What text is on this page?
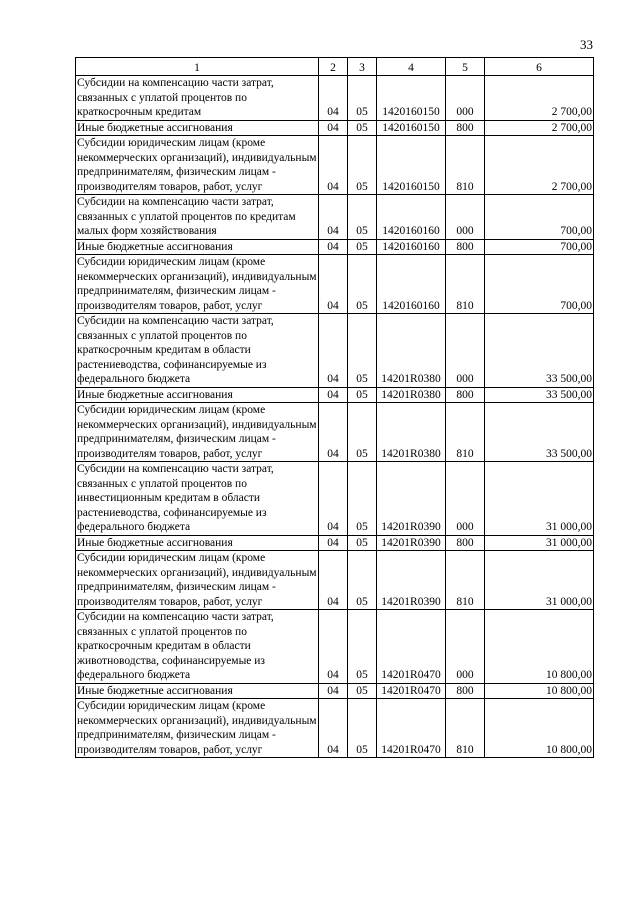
33
1	2	3	4	5	6
Субсидии на компенсацию части затрат, связанных с уплатой процентов по краткосрочным кредитам	04	05	1420160150	000	2 700,00
Иные бюджетные ассигнования	04	05	1420160150	800	2 700,00
Субсидии юридическим лицам (кроме некоммерческих организаций), индивидуальным предпринимателям, физическим лицам - производителям товаров, работ, услуг	04	05	1420160150	810	2 700,00
Субсидии на компенсацию части затрат, связанных с уплатой процентов по кредитам малых форм хозяйствования	04	05	1420160160	000	700,00
Иные бюджетные ассигнования	04	05	1420160160	800	700,00
Субсидии юридическим лицам (кроме некоммерческих организаций), индивидуальным предпринимателям, физическим лицам - производителям товаров, работ, услуг	04	05	1420160160	810	700,00
Субсидии на компенсацию части затрат, связанных с уплатой процентов по краткосрочным кредитам в области растениеводства, софинансируемые из федерального бюджета	04	05	14201R0380	000	33 500,00
Иные бюджетные ассигнования	04	05	14201R0380	800	33 500,00
Субсидии юридическим лицам (кроме некоммерческих организаций), индивидуальным предпринимателям, физическим лицам - производителям товаров, работ, услуг	04	05	14201R0380	810	33 500,00
Субсидии на компенсацию части затрат, связанных с уплатой процентов по инвестиционным кредитам в области растениеводства, софинансируемые из федерального бюджета	04	05	14201R0390	000	31 000,00
Иные бюджетные ассигнования	04	05	14201R0390	800	31 000,00
Субсидии юридическим лицам (кроме некоммерческих организаций), индивидуальным предпринимателям, физическим лицам - производителям товаров, работ, услуг	04	05	14201R0390	810	31 000,00
Субсидии на компенсацию части затрат, связанных с уплатой процентов по краткосрочным кредитам в области животноводства, софинансируемые из федерального бюджета	04	05	14201R0470	000	10 800,00
Иные бюджетные ассигнования	04	05	14201R0470	800	10 800,00
Субсидии юридическим лицам (кроме некоммерческих организаций), индивидуальным предпринимателям, физическим лицам - производителям товаров, работ, услуг	04	05	14201R0470	810	10 800,00
